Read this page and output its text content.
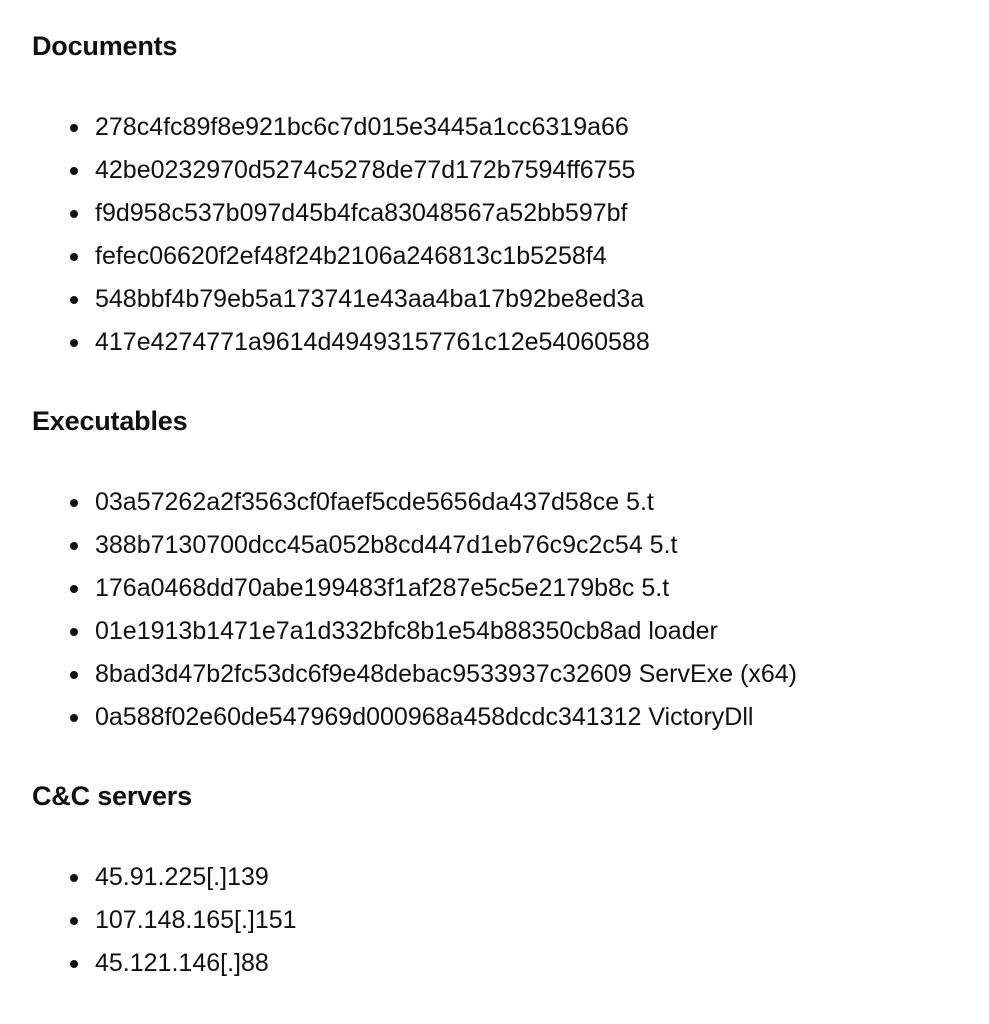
Documents
278c4fc89f8e921bc6c7d015e3445a1cc6319a66
42be0232970d5274c5278de77d172b7594ff6755
f9d958c537b097d45b4fca83048567a52bb597bf
fefec06620f2ef48f24b2106a246813c1b5258f4
548bbf4b79eb5a173741e43aa4ba17b92be8ed3a
417e4274771a9614d49493157761c12e54060588
Executables
03a57262a2f3563cf0faef5cde5656da437d58ce 5.t
388b7130700dcc45a052b8cd447d1eb76c9c2c54 5.t
176a0468dd70abe199483f1af287e5c5e2179b8c 5.t
01e1913b1471e7a1d332bfc8b1e54b88350cb8ad loader
8bad3d47b2fc53dc6f9e48debac9533937c32609 ServExe (x64)
0a588f02e60de547969d000968a458dcdc341312 VictoryDll
C&C servers
45.91.225[.]139
107.148.165[.]151
45.121.146[.]88
